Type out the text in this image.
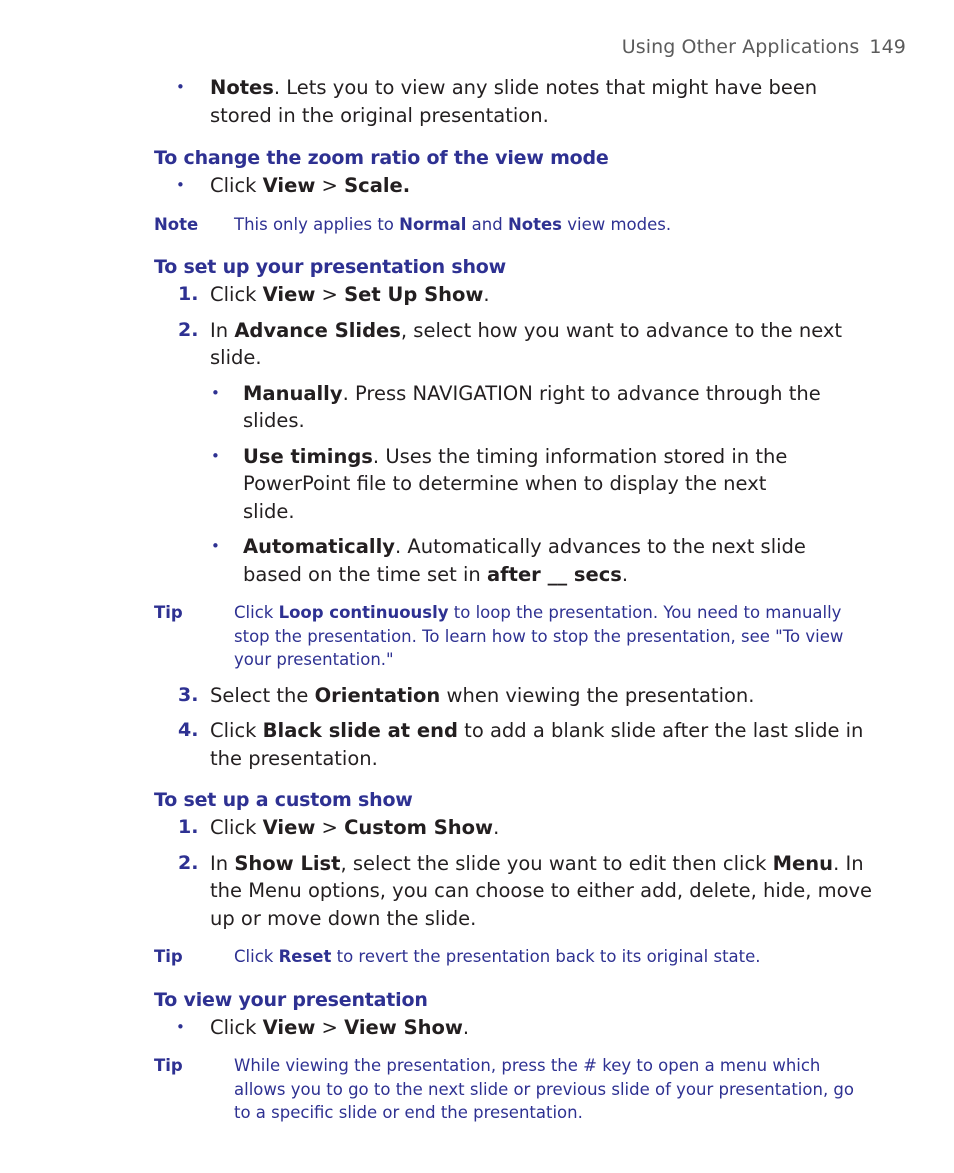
Using Other Applications 149
• Notes. Lets you to view any slide notes that might have been stored in the original presentation.
To change the zoom ratio of the view mode
• Click View > Scale.
Note This only applies to Normal and Notes view modes.
To set up your presentation show
1. Click View > Set Up Show.
2. In Advance Slides, select how you want to advance to the next slide.
• Manually. Press NAVIGATION right to advance through the slides.
• Use timings. Uses the timing information stored in the PowerPoint file to determine when to display the next slide.
• Automatically. Automatically advances to the next slide based on the time set in after __ secs.
Tip	Click Loop continuously to loop the presentation. You need to manually stop the presentation. To learn how to stop the presentation, see "To view your presentation."
3. Select the Orientation when viewing the presentation.
4. Click Black slide at end to add a blank slide after the last slide in the presentation.
To set up a custom show
1. Click View > Custom Show.
2. In Show List, select the slide you want to edit then click Menu. In the Menu options, you can choose to either add, delete, hide, move up or move down the slide.
Tip	Click Reset to revert the presentation back to its original state.
To view your presentation
• Click View > View Show.
Tip	While viewing the presentation, press the # key to open a menu which allows you to go to the next slide or previous slide of your presentation, go to a specific slide or end the presentation.
